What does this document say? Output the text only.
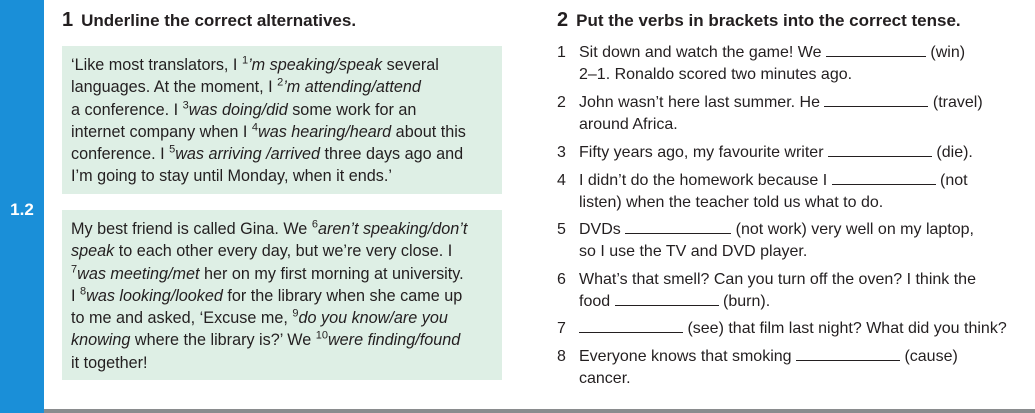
1.2
1 Underline the correct alternatives.
‘Like most translators, I $^1$’m speaking/speak several
languages. At the moment, I $^2$’m attending/attend
a conference. I $^3$was doing/did some work for an
internet company when I $^4$was hearing/heard about this
conference. I $^5$was arriving /arrived three days ago and
I’m going to stay until Monday, when it ends.’
My best friend is called Gina. We $^6$aren’t speaking/don’t
speak to each other every day, but we’re very close. I
$^7$was meeting/met her on my first morning at university.
I $^8$was looking/looked for the library when she came up
to me and asked, ‘Excuse me, $^9$do you know/are you
knowing where the library is?’ We $^{10}$were finding/found
it together!
2 Put the verbs in brackets into the correct tense.
1 Sit down and watch the game! We	(win)
2–1. Ronaldo scored two minutes ago.
2 John wasn’t here last summer. He	(travel)
around Africa.
3 Fifty years ago, my favourite writer	(die).
4 I didn’t do the homework because I	(not
listen) when the teacher told us what to do.
5 DVDs	(not work) very well on my laptop,
so I use the TV and DVD player.
6 What’s that smell? Can you turn off the oven? I think the
food	(burn).
7	(see) that film last night? What did you think?
8 Everyone knows that smoking	(cause)
cancer.
